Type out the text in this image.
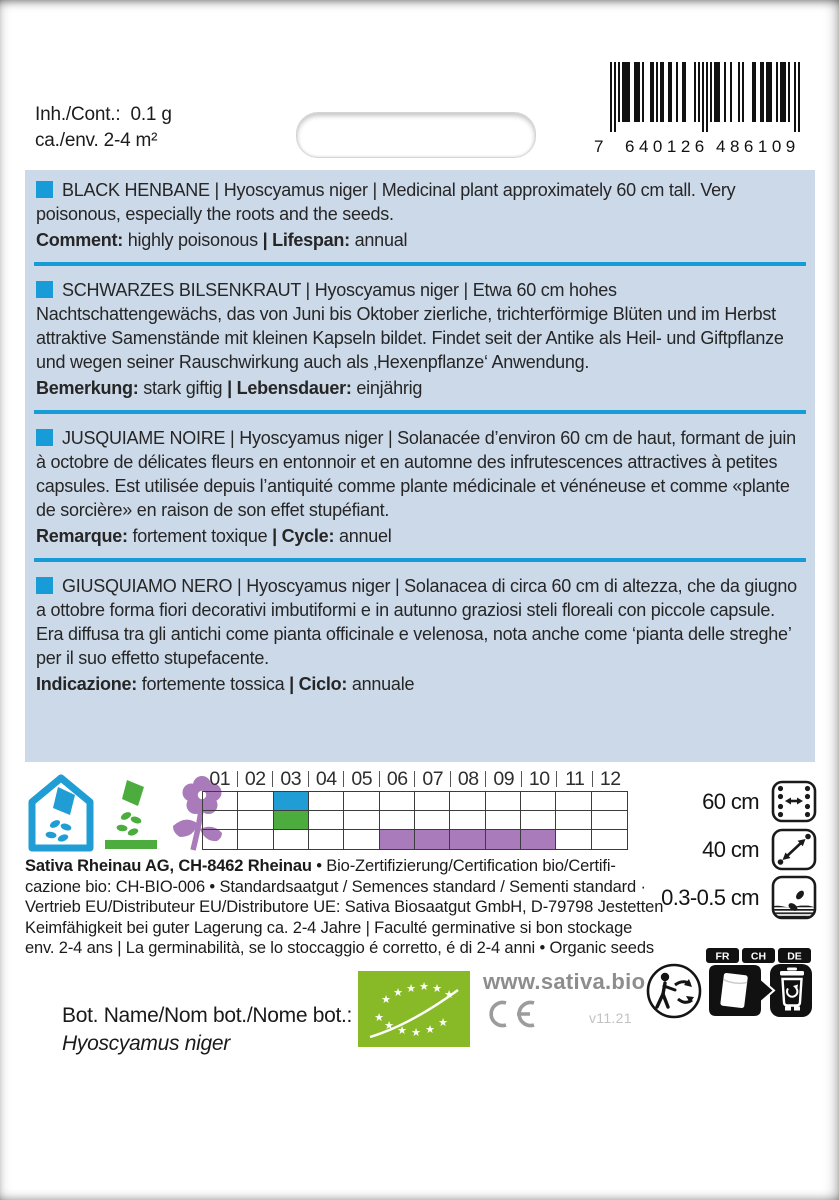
Inh./Cont.: 0.1 g
ca./env. 2-4 m²	7 640126 486109
BLACK HENBANE | Hyoscyamus niger | Medicinal plant approximately 60 cm tall. Very poisonous, especially the roots and the seeds.
Comment: highly poisonous | Lifespan: annual
SCHWARZES BILSENKRAUT | Hyoscyamus niger | Etwa 60 cm hohes Nachtschattengewächs, das von Juni bis Oktober zierliche, trichterförmige Blüten und im Herbst attraktive Samenstände mit kleinen Kapseln bildet. Findet seit der Antike als Heil- und Giftpflanze und wegen seiner Rauschwirkung auch als ‚Hexenpflanze‘ Anwendung.
Bemerkung: stark giftig | Lebensdauer: einjährig
JUSQUIAME NOIRE | Hyoscyamus niger | Solanacée d’environ 60 cm de haut, formant de juin à octobre de délicates fleurs en entonnoir et en automne des infrutescences attractives à petites capsules. Est utilisée depuis l’antiquité comme plante médicinale et vénéneuse et comme «plante de sorcière» en raison de son effet stupéfiant.
Remarque: fortement toxique | Cycle: annuel
GIUSQUIAMO NERO | Hyoscyamus niger | Solanacea di circa 60 cm di altezza, che da giugno a ottobre forma fiori decorativi imbutiformi e in autunno graziosi steli floreali con piccole capsule. Era diffusa tra gli antichi come pianta officinale e velenosa, nota anche come ‘pianta delle streghe’ per il suo effetto stupefacente.
Indicazione: fortemente tossica | Ciclo: annuale
01 02 03 04 05 06 07 08 09 10 11 12
60 cm
40 cm
0.3-0.5 cm
Sativa Rheinau AG, CH-8462 Rheinau • Bio-Zertifizierung/Certification bio/Certifi-
cazione bio: CH-BIO-006 • Standardsaatgut / Semences standard / Sementi standard ·
Vertrieb EU/Distributeur EU/Distributore UE: Sativa Biosaatgut GmbH, D-79798 Jestetten
Keimfähigkeit bei guter Lagerung ca. 2-4 Jahre | Faculté germinative si bon stockage
env. 2-4 ans | La germinabilità, se lo stoccaggio é corretto, é di 2-4 anni • Organic seeds
★
★ ★ ★ ★ ★
★
★ ★ ★ ★
★
www.sativa.bio
v11.21
Bot. Name/Nom bot./Nome bot.:
Hyoscyamus niger
FR CH DE
